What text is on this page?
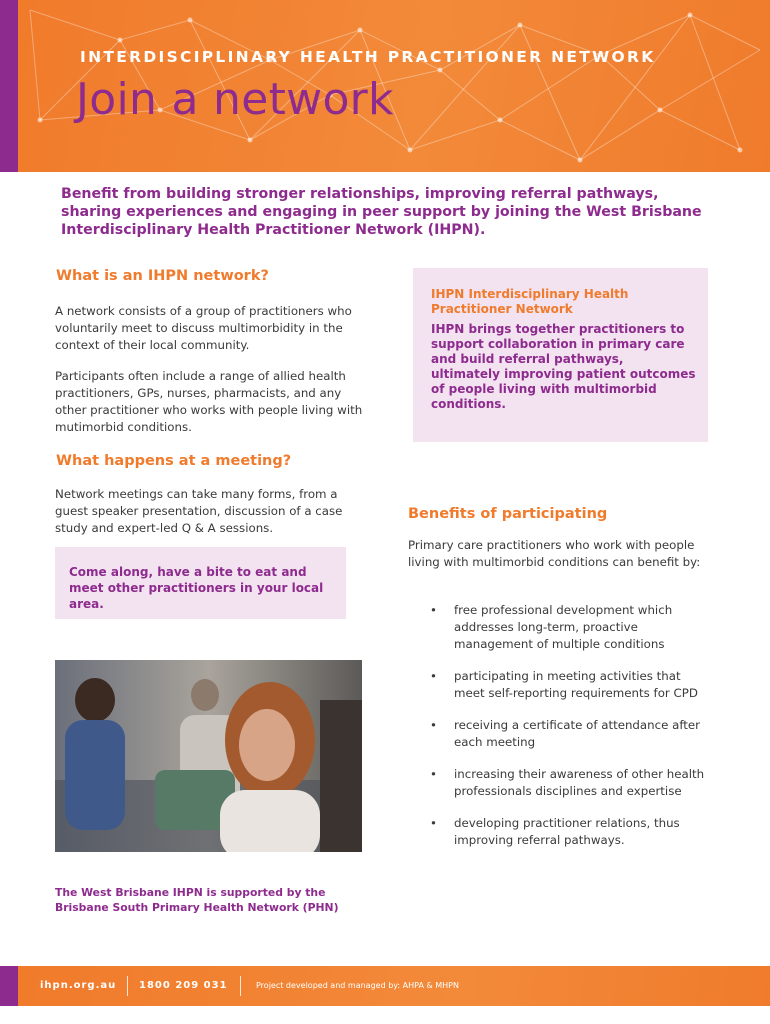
INTERDISCIPLINARY HEALTH PRACTITIONER NETWORK
Join a network
Benefit from building stronger relationships, improving referral pathways, sharing experiences and engaging in peer support by joining the West Brisbane Interdisciplinary Health Practitioner Network (IHPN).
What is an IHPN network?

A network consists of a group of practitioners who voluntarily meet to discuss multimorbidity in the context of their local community.

Participants often include a range of allied health practitioners, GPs, nurses, pharmacists, and any other practitioner who works with people living with mutimorbid conditions.

What happens at a meeting?

Network meetings can take many forms, from a guest speaker presentation, discussion of a case study and expert-led Q & A sessions.

Come along, have a bite to eat and meet other practitioners in your local area.
The West Brisbane IHPN is supported by the Brisbane South Primary Health Network (PHN)
IHPN Interdisciplinary Health Practitioner Network
IHPN brings together practitioners to support collaboration in primary care and build referral pathways, ultimately improving patient outcomes of people living with multimorbid conditions.
Benefits of participating

Primary care practitioners who work with people living with multimorbid conditions can benefit by:

• free professional development which addresses long-term, proactive management of multiple conditions
• participating in meeting activities that meet self-reporting requirements for CPD
• receiving a certificate of attendance after each meeting
• increasing their awareness of other health professionals disciplines and expertise
• developing practitioner relations, thus improving referral pathways.
ihpn.org.au 1800 209 031	Project developed and managed by: AHPA & MHPN
